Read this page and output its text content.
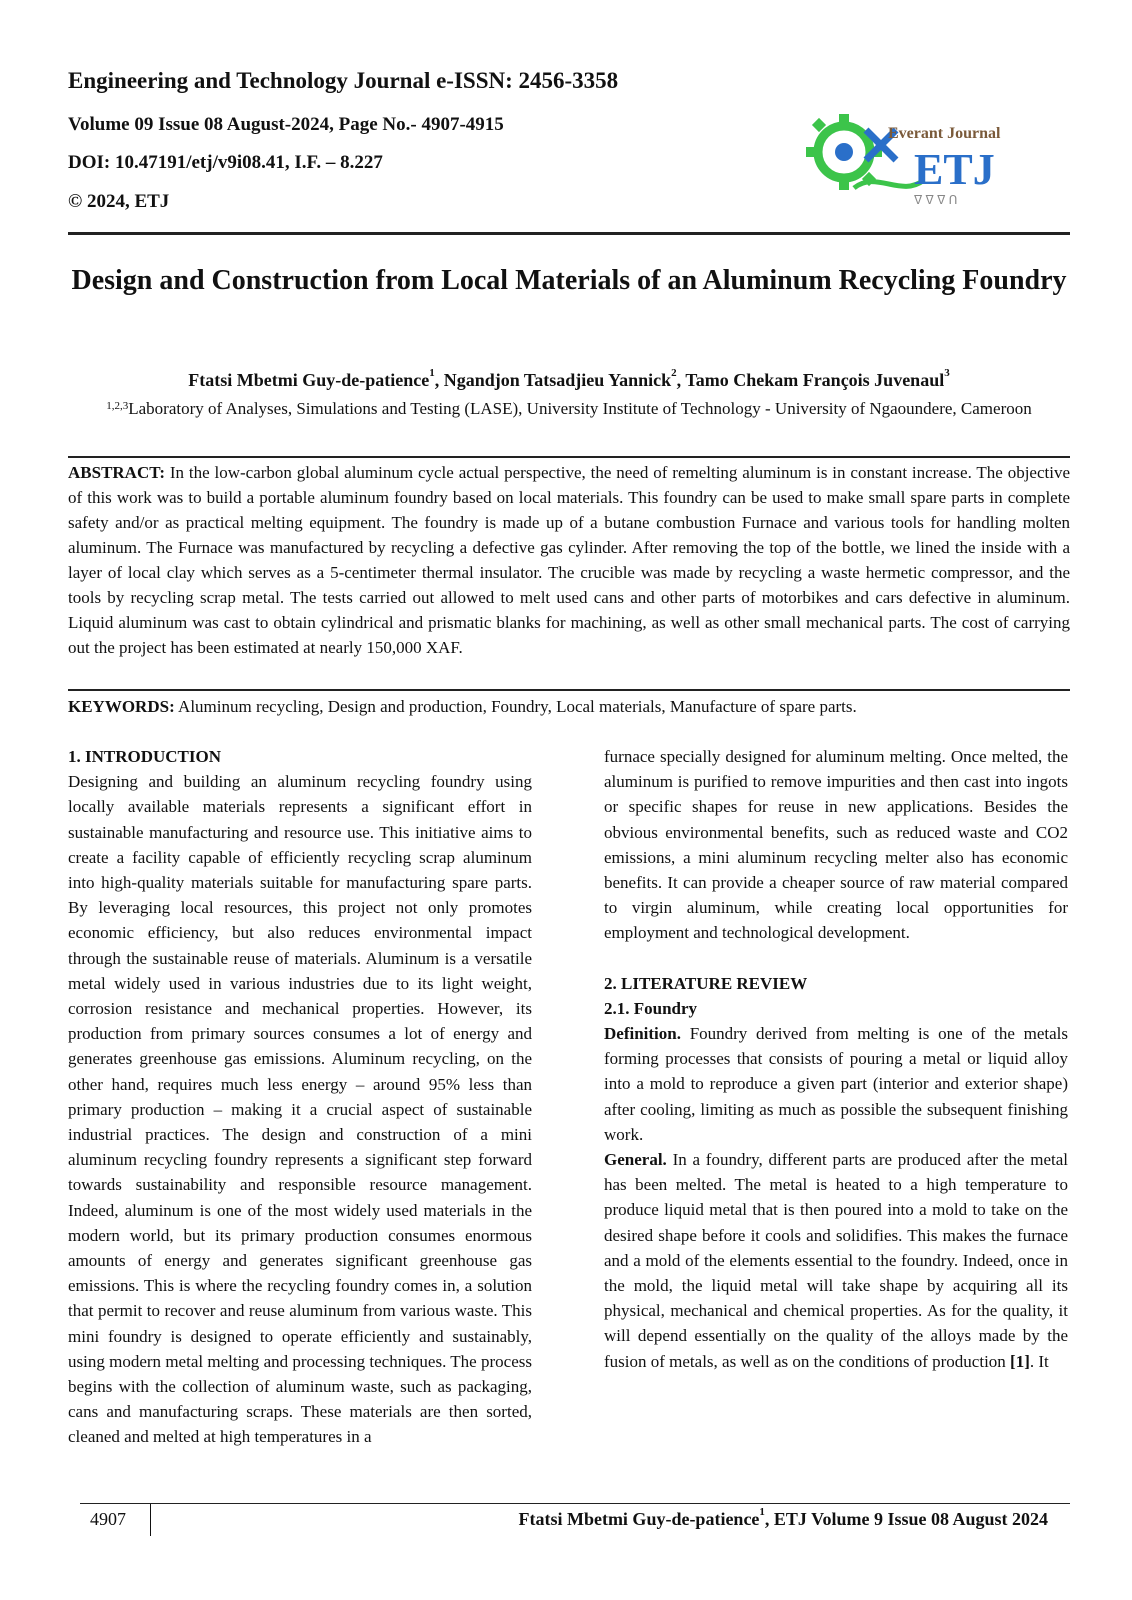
Engineering and Technology Journal e-ISSN: 2456-3358
Volume 09 Issue 08 August-2024, Page No.- 4907-4915
DOI: 10.47191/etj/v9i08.41, I.F. – 8.227
© 2024, ETJ
Everant Journal
ETJ
ᐁ ᐁ ᐁ ᑎ
Design and Construction from Local Materials of an Aluminum Recycling Foundry
Ftatsi Mbetmi Guy-de-patience$^1$, Ngandjon Tatsadjieu Yannick$^2$, Tamo Chekam François Juvenaul$^3$
$^{1,2,3}$Laboratory of Analyses, Simulations and Testing (LASE), University Institute of Technology - University of Ngaoundere, Cameroon
ABSTRACT: In the low-carbon global aluminum cycle actual perspective, the need of remelting aluminum is in constant increase. The objective of this work was to build a portable aluminum foundry based on local materials. This foundry can be used to make small spare parts in complete safety and/or as practical melting equipment. The foundry is made up of a butane combustion Furnace and various tools for handling molten aluminum. The Furnace was manufactured by recycling a defective gas cylinder. After removing the top of the bottle, we lined the inside with a layer of local clay which serves as a 5-centimeter thermal insulator. The crucible was made by recycling a waste hermetic compressor, and the tools by recycling scrap metal. The tests carried out allowed to melt used cans and other parts of motorbikes and cars defective in aluminum. Liquid aluminum was cast to obtain cylindrical and prismatic blanks for machining, as well as other small mechanical parts. The cost of carrying out the project has been estimated at nearly 150,000 XAF.
KEYWORDS: Aluminum recycling, Design and production, Foundry, Local materials, Manufacture of spare parts.

1. INTRODUCTION

Designing and building an aluminum recycling foundry using locally available materials represents a significant effort in sustainable manufacturing and resource use. This initiative aims to create a facility capable of efficiently recycling scrap aluminum into high-quality materials suitable for manufacturing spare parts. By leveraging local resources, this project not only promotes economic efficiency, but also reduces environmental impact through the sustainable reuse of materials. Aluminum is a versatile metal widely used in various industries due to its light weight, corrosion resistance and mechanical properties. However, its production from primary sources consumes a lot of energy and generates greenhouse gas emissions. Aluminum recycling, on the other hand, requires much less energy – around 95% less than primary production – making it a crucial aspect of sustainable industrial practices. The design and construction of a mini aluminum recycling foundry represents a significant step forward towards sustainability and responsible resource management. Indeed, aluminum is one of the most widely used materials in the modern world, but its primary production consumes enormous amounts of energy and generates significant greenhouse gas emissions. This is where the recycling foundry comes in, a solution that permit to recover and reuse aluminum from various waste. This mini foundry is designed to operate efficiently and sustainably, using modern metal melting and processing techniques. The process begins with the collection of aluminum waste, such as packaging, cans and manufacturing scraps. These materials are then sorted, cleaned and melted at high temperatures in a

furnace specially designed for aluminum melting. Once melted, the aluminum is purified to remove impurities and then cast into ingots or specific shapes for reuse in new applications. Besides the obvious environmental benefits, such as reduced waste and CO2 emissions, a mini aluminum recycling melter also has economic benefits. It can provide a cheaper source of raw material compared to virgin aluminum, while creating local opportunities for employment and technological development.

2. LITERATURE REVIEW

2.1. Foundry

Definition. Foundry derived from melting is one of the metals forming processes that consists of pouring a metal or liquid alloy into a mold to reproduce a given part (interior and exterior shape) after cooling, limiting as much as possible the subsequent finishing work.

General. In a foundry, different parts are produced after the metal has been melted. The metal is heated to a high temperature to produce liquid metal that is then poured into a mold to take on the desired shape before it cools and solidifies. This makes the furnace and a mold of the elements essential to the foundry. Indeed, once in the mold, the liquid metal will take shape by acquiring all its physical, mechanical and chemical properties. As for the quality, it will depend essentially on the quality of the alloys made by the fusion of metals, as well as on the conditions of production [1]. It

4907	Ftatsi Mbetmi Guy-de-patience$^1$, ETJ Volume 9 Issue 08 August 2024
